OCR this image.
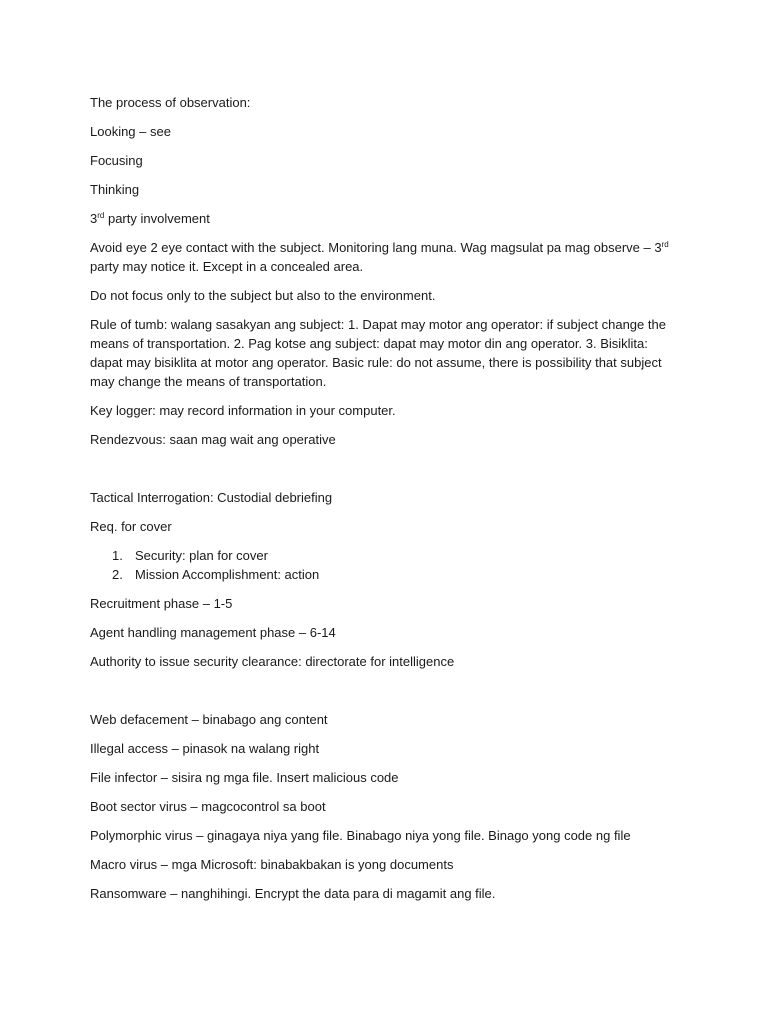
The process of observation:

Looking – see

Focusing

Thinking

3rd party involvement

Avoid eye 2 eye contact with the subject. Monitoring lang muna. Wag magsulat pa mag observe – 3rd party may notice it. Except in a concealed area.

Do not focus only to the subject but also to the environment.

Rule of tumb: walang sasakyan ang subject: 1. Dapat may motor ang operator: if subject change the means of transportation. 2. Pag kotse ang subject: dapat may motor din ang operator. 3. Bisiklita: dapat may bisiklita at motor ang operator. Basic rule: do not assume, there is possibility that subject may change the means of transportation.

Key logger: may record information in your computer.

Rendezvous: saan mag wait ang operative

Tactical Interrogation: Custodial debriefing

Req. for cover

1. Security: plan for cover
2. Mission Accomplishment: action

Recruitment phase – 1-5

Agent handling management phase – 6-14

Authority to issue security clearance: directorate for intelligence

Web defacement – binabago ang content

Illegal access – pinasok na walang right

File infector – sisira ng mga file. Insert malicious code

Boot sector virus – magcocontrol sa boot

Polymorphic virus – ginagaya niya yang file. Binabago niya yong file. Binago yong code ng file

Macro virus – mga Microsoft: binabakbakan is yong documents

Ransomware – nanghihingi. Encrypt the data para di magamit ang file.
